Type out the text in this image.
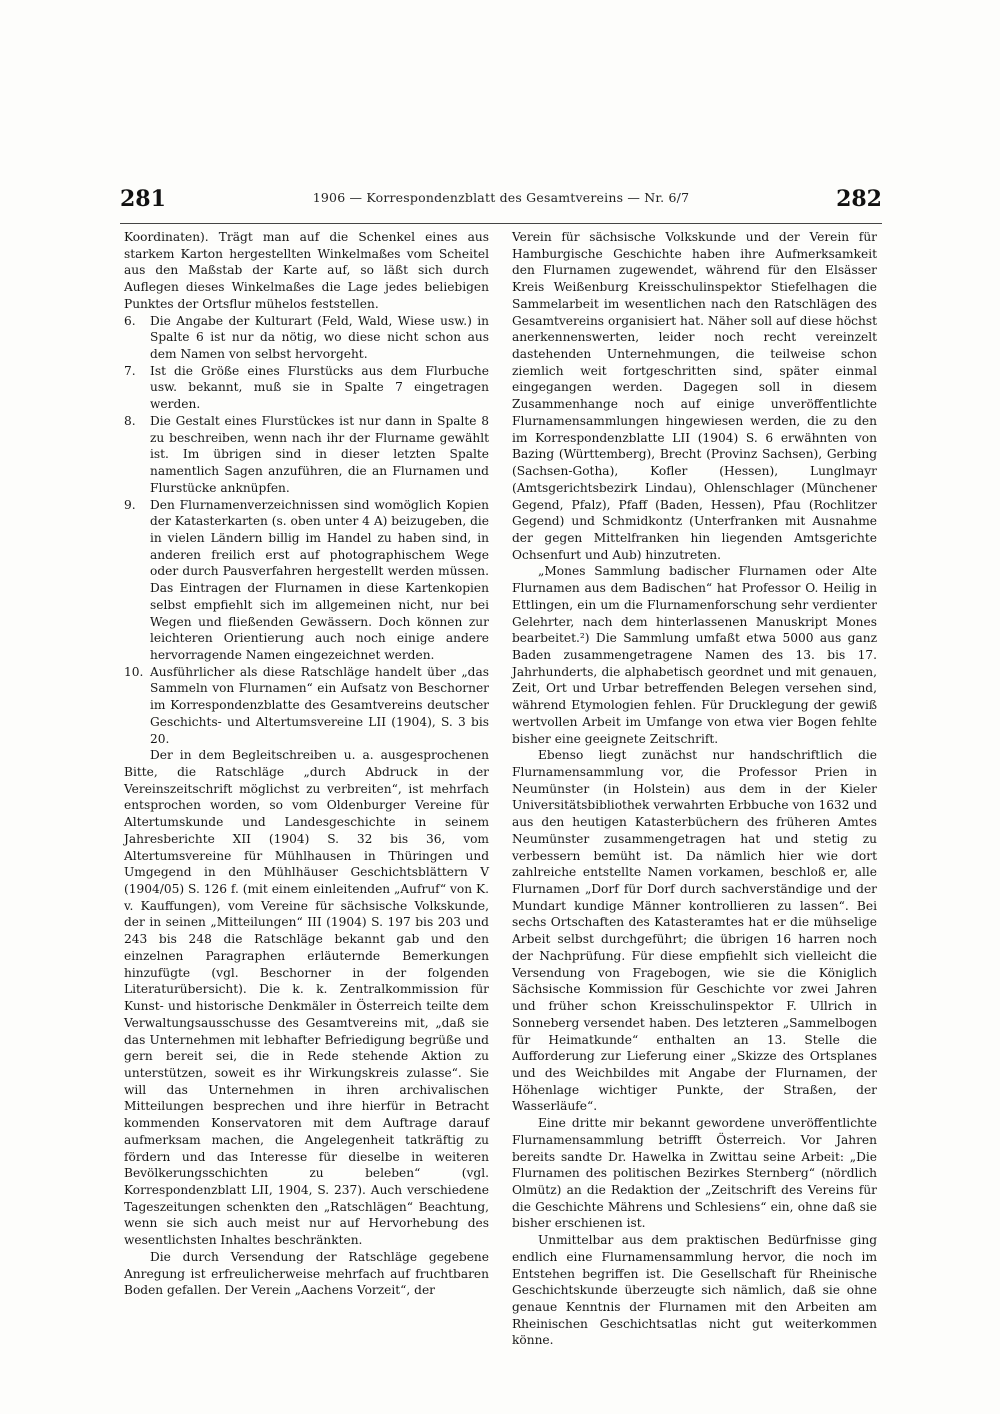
281	1906 — Korrespondenzblatt des Gesamtvereins — Nr. 6/7	282

Koordinaten). Trägt man auf die Schenkel eines aus starkem Karton hergestellten Winkelmaßes vom Scheitel aus den Maßstab der Karte auf, so läßt sich durch Auflegen dieses Winkelmaßes die Lage jedes beliebigen Punktes der Ortsflur mühelos feststellen.

6.	Die Angabe der Kulturart (Feld, Wald, Wiese usw.) in Spalte 6 ist nur da nötig, wo diese nicht schon aus dem Namen von selbst hervorgeht.
7.	Ist die Größe eines Flurstücks aus dem Flurbuche usw. bekannt, muß sie in Spalte 7 eingetragen werden.
8.	Die Gestalt eines Flurstückes ist nur dann in Spalte 8 zu beschreiben, wenn nach ihr der Flurname gewählt ist. Im übrigen sind in dieser letzten Spalte namentlich Sagen anzuführen, die an Flurnamen und Flurstücke anknüpfen.
9.	Den Flurnamenverzeichnissen sind womöglich Kopien der Katasterkarten (s. oben unter 4 A) beizugeben, die in vielen Ländern billig im Handel zu haben sind, in anderen freilich erst auf photographischem Wege oder durch Pausverfahren hergestellt werden müssen. Das Eintragen der Flurnamen in diese Kartenkopien selbst empfiehlt sich im allgemeinen nicht, nur bei Wegen und fließenden Gewässern. Doch können zur leichteren Orientierung auch noch einige andere hervorragende Namen eingezeichnet werden.
10. Ausführlicher als diese Ratschläge handelt über „das Sammeln von Flurnamen“ ein Aufsatz von Beschorner im Korrespondenzblatte des Gesamtvereins deutscher Geschichts- und Altertumsvereine LII (1904), S. 3 bis 20.

Der in dem Begleitschreiben u. a. ausgesprochenen Bitte, die Ratschläge „durch Abdruck in der Vereinszeitschrift möglichst zu verbreiten“, ist mehrfach entsprochen worden, so vom Oldenburger Vereine für Altertumskunde und Landesgeschichte in seinem Jahresberichte XII (1904) S. 32 bis 36, vom Altertumsvereine für Mühlhausen in Thüringen und Umgegend in den Mühlhäuser Geschichtsblättern V (1904/05) S. 126 f. (mit einem einleitenden „Aufruf“ von K. v. Kauffungen), vom Vereine für sächsische Volkskunde, der in seinen „Mitteilungen“ III (1904) S. 197 bis 203 und 243 bis 248 die Ratschläge bekannt gab und den einzelnen Paragraphen erläuternde Bemerkungen hinzufügte (vgl. Beschorner in der folgenden Literaturübersicht). Die k. k. Zentralkommission für Kunst- und historische Denkmäler in Österreich teilte dem Verwaltungsausschusse des Gesamtvereins mit, „daß sie das Unternehmen mit lebhafter Befriedigung begrüße und gern bereit sei, die in Rede stehende Aktion zu unterstützen, soweit es ihr Wirkungskreis zulasse“. Sie will das Unternehmen in ihren archivalischen Mitteilungen besprechen und ihre hierfür in Betracht kommenden Konservatoren mit dem Auftrage darauf aufmerksam machen, die Angelegenheit tatkräftig zu fördern und das Interesse für dieselbe in weiteren Bevölkerungsschichten zu beleben“ (vgl. Korrespondenzblatt LII, 1904, S. 237). Auch verschiedene Tageszeitungen schenkten den „Ratschlägen“ Beachtung, wenn sie sich auch meist nur auf Hervorhebung des wesentlichsten Inhaltes beschränkten.

Die durch Versendung der Ratschläge gegebene Anregung ist erfreulicherweise mehrfach auf fruchtbaren Boden gefallen. Der Verein „Aachens Vorzeit“, der

Verein für sächsische Volkskunde und der Verein für Hamburgische Geschichte haben ihre Aufmerksamkeit den Flurnamen zugewendet, während für den Elsässer Kreis Weißenburg Kreisschulinspektor Stiefelhagen die Sammelarbeit im wesentlichen nach den Ratschlägen des Gesamtvereins organisiert hat. Näher soll auf diese höchst anerkennenswerten, leider noch recht vereinzelt dastehenden Unternehmungen, die teilweise schon ziemlich weit fortgeschritten sind, später einmal eingegangen werden. Dagegen soll in diesem Zusammenhange noch auf einige unveröffentlichte Flurnamensammlungen hingewiesen werden, die zu den im Korrespondenzblatte LII (1904) S. 6 erwähnten von Bazing (Württemberg), Brecht (Provinz Sachsen), Gerbing (Sachsen-Gotha), Kofler (Hessen), Lunglmayr (Amtsgerichtsbezirk Lindau), Ohlenschlager (Münchener Gegend, Pfalz), Pfaff (Baden, Hessen), Pfau (Rochlitzer Gegend) und Schmidkontz (Unterfranken mit Ausnahme der gegen Mittelfranken hin liegenden Amtsgerichte Ochsenfurt und Aub) hinzutreten.

„Mones Sammlung badischer Flurnamen oder Alte Flurnamen aus dem Badischen“ hat Professor O. Heilig in Ettlingen, ein um die Flurnamenforschung sehr verdienter Gelehrter, nach dem hinterlassenen Manuskript Mones bearbeitet.²) Die Sammlung umfaßt etwa 5000 aus ganz Baden zusammengetragene Namen des 13. bis 17. Jahrhunderts, die alphabetisch geordnet und mit genauen, Zeit, Ort und Urbar betreffenden Belegen versehen sind, während Etymologien fehlen. Für Drucklegung der gewiß wertvollen Arbeit im Umfange von etwa vier Bogen fehlte bisher eine geeignete Zeitschrift.

Ebenso liegt zunächst nur handschriftlich die Flurnamensammlung vor, die Professor Prien in Neumünster (in Holstein) aus dem in der Kieler Universitätsbibliothek verwahrten Erbbuche von 1632 und aus den heutigen Katasterbüchern des früheren Amtes Neumünster zusammengetragen hat und stetig zu verbessern bemüht ist. Da nämlich hier wie dort zahlreiche entstellte Namen vorkamen, beschloß er, alle Flurnamen „Dorf für Dorf durch sachverständige und der Mundart kundige Männer kontrollieren zu lassen“. Bei sechs Ortschaften des Katasteramtes hat er die mühselige Arbeit selbst durchgeführt; die übrigen 16 harren noch der Nachprüfung. Für diese empfiehlt sich vielleicht die Versendung von Fragebogen, wie sie die Königlich Sächsische Kommission für Geschichte vor zwei Jahren und früher schon Kreisschulinspektor F. Ullrich in Sonneberg versendet haben. Des letzteren „Sammelbogen für Heimatkunde“ enthalten an 13. Stelle die Aufforderung zur Lieferung einer „Skizze des Ortsplanes und des Weichbildes mit Angabe der Flurnamen, der Höhenlage wichtiger Punkte, der Straßen, der Wasserläufe“.

Eine dritte mir bekannt gewordene unveröffentlichte Flurnamensammlung betrifft Österreich. Vor Jahren bereits sandte Dr. Hawelka in Zwittau seine Arbeit: „Die Flurnamen des politischen Bezirkes Sternberg“ (nördlich Olmütz) an die Redaktion der „Zeitschrift des Vereins für die Geschichte Mährens und Schlesiens“ ein, ohne daß sie bisher erschienen ist.

Unmittelbar aus dem praktischen Bedürfnisse ging endlich eine Flurnamensammlung hervor, die noch im Entstehen begriffen ist. Die Gesellschaft für Rheinische Geschichtskunde überzeugte sich nämlich, daß sie ohne genaue Kenntnis der Flurnamen mit den Arbeiten am Rheinischen Geschichtsatlas nicht gut weiterkommen könne.
